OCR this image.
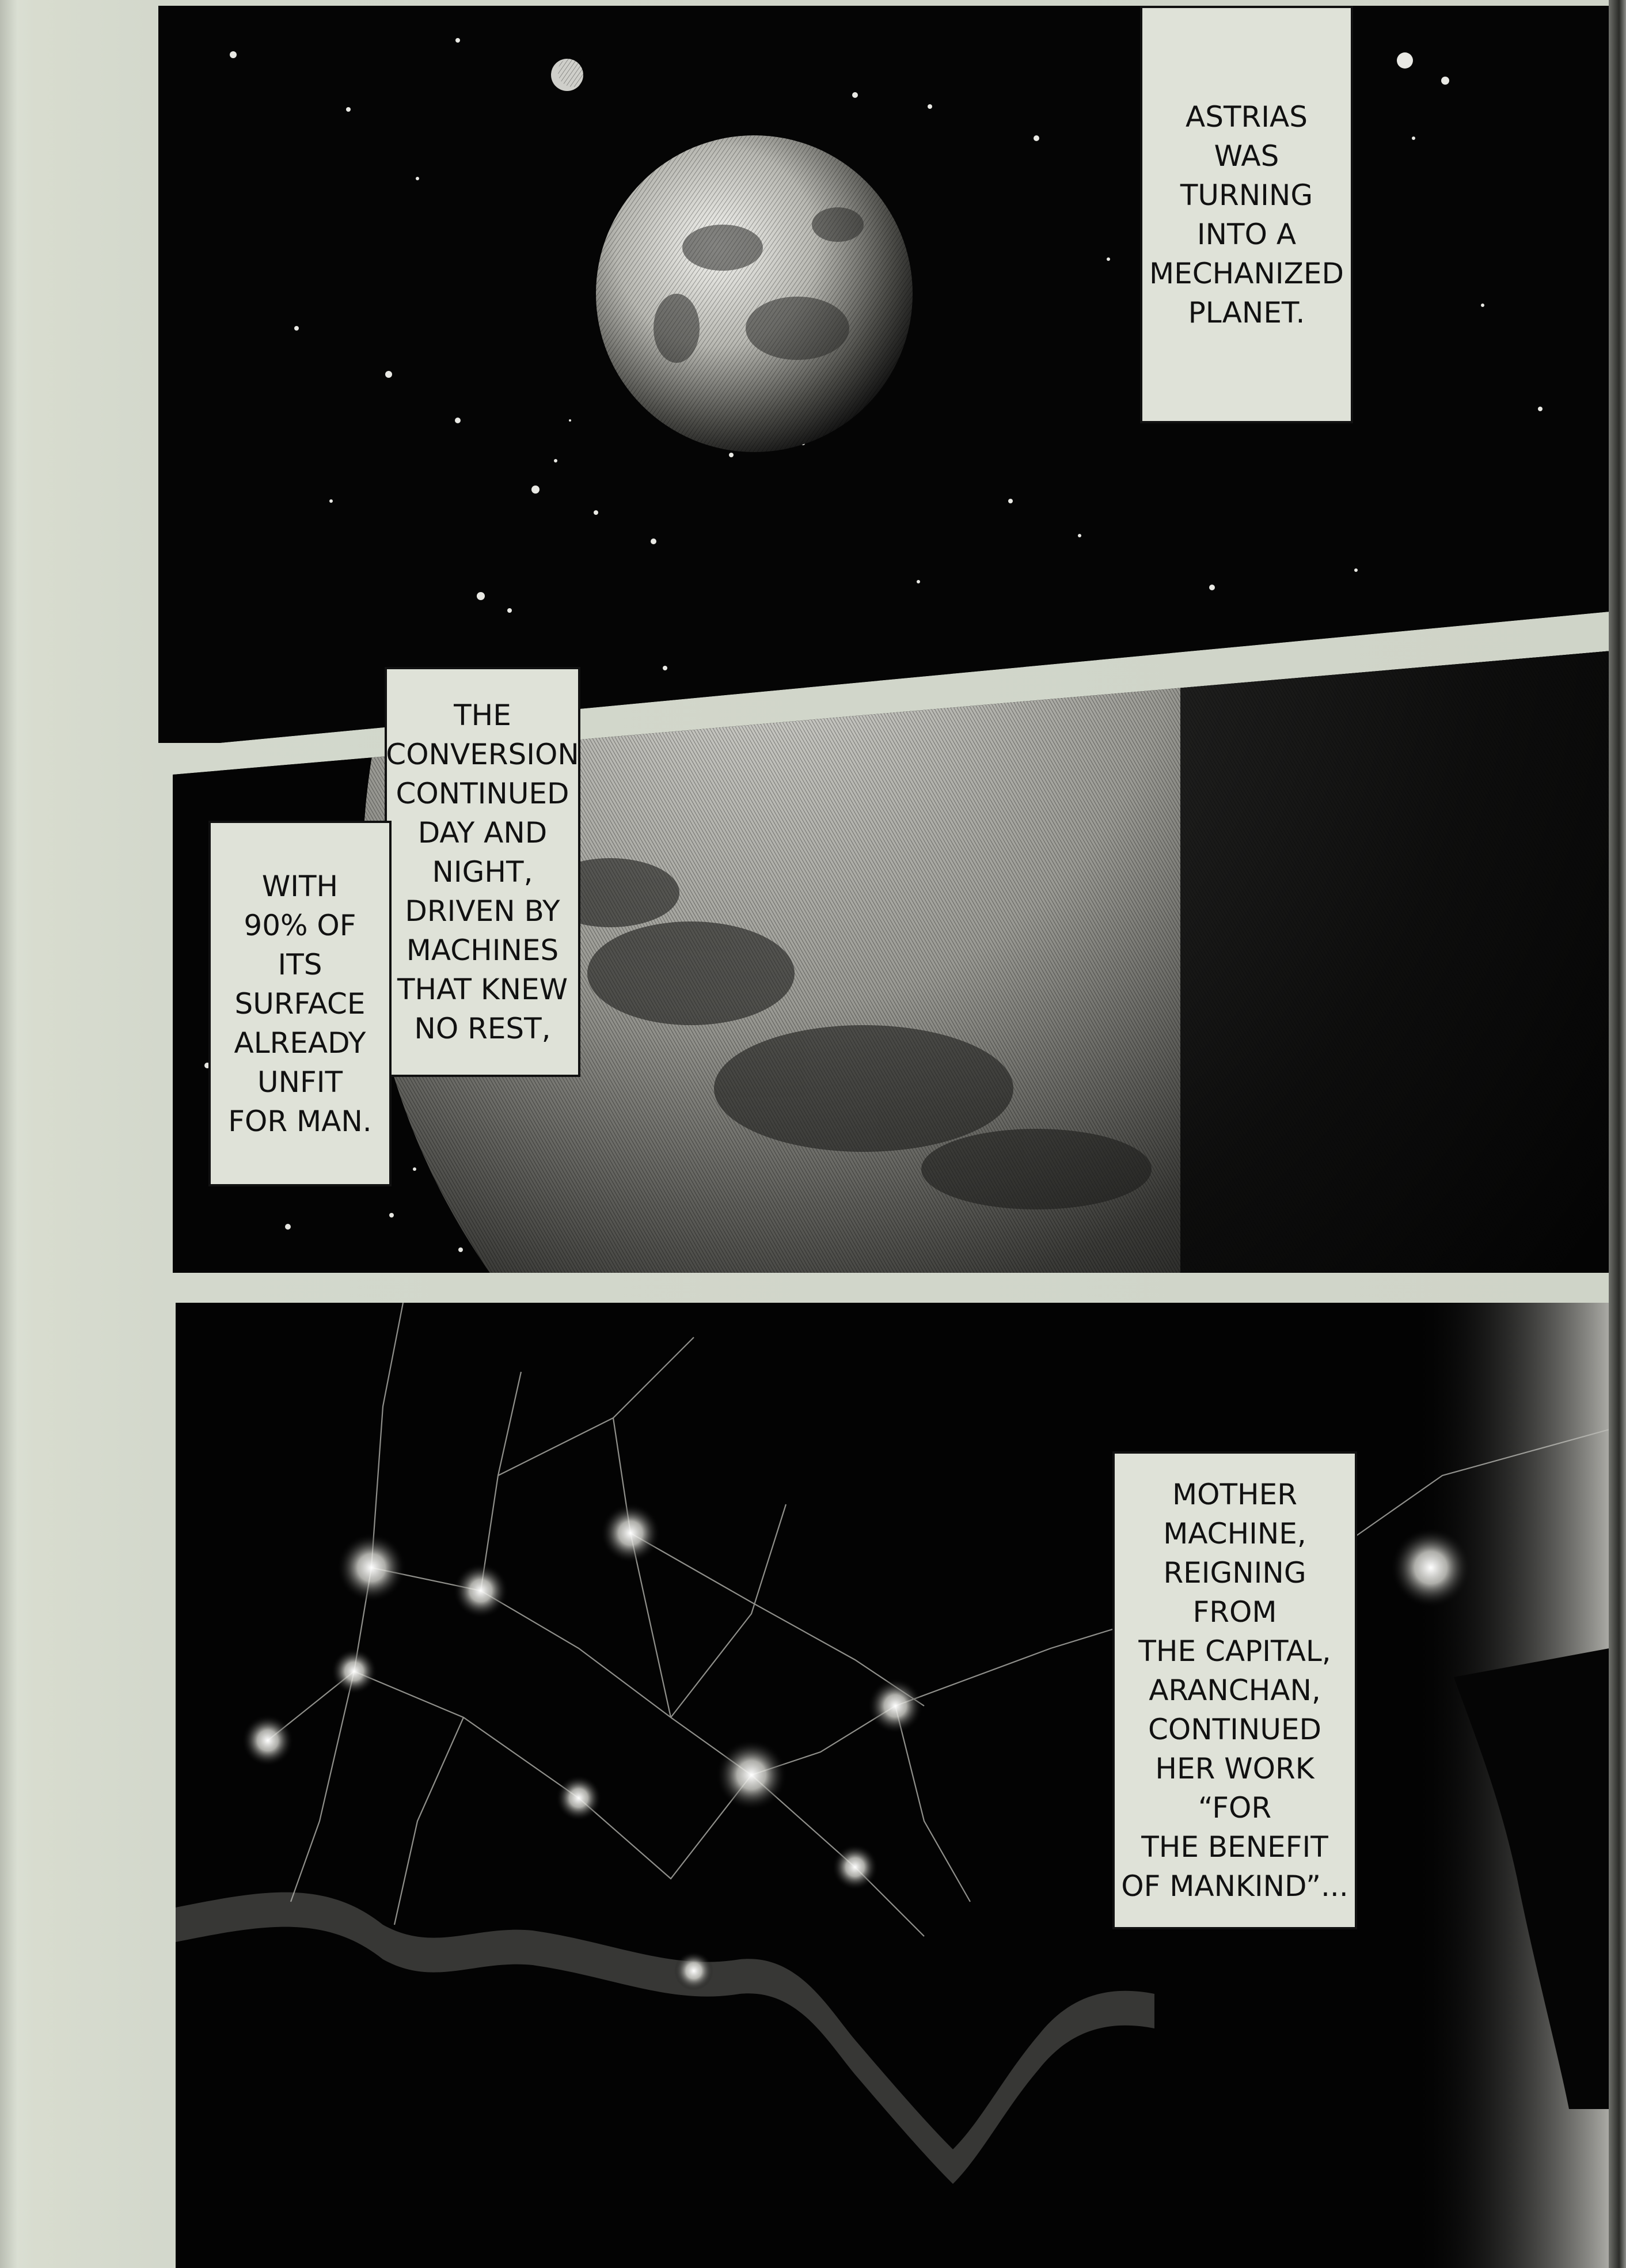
ASTRIAS
WAS
TURNING
INTO A
MECHANIZED
PLANET.
THE
CONVERSION
CONTINUED
DAY AND
NIGHT,
DRIVEN BY
MACHINES
THAT KNEW
NO REST,
WITH
90% OF
ITS
SURFACE
ALREADY
UNFIT
FOR MAN.
MOTHER
MACHINE,
REIGNING
FROM
THE CAPITAL,
ARANCHAN,
CONTINUED
HER WORK
“FOR
THE BENEFIT
OF MANKIND”...
